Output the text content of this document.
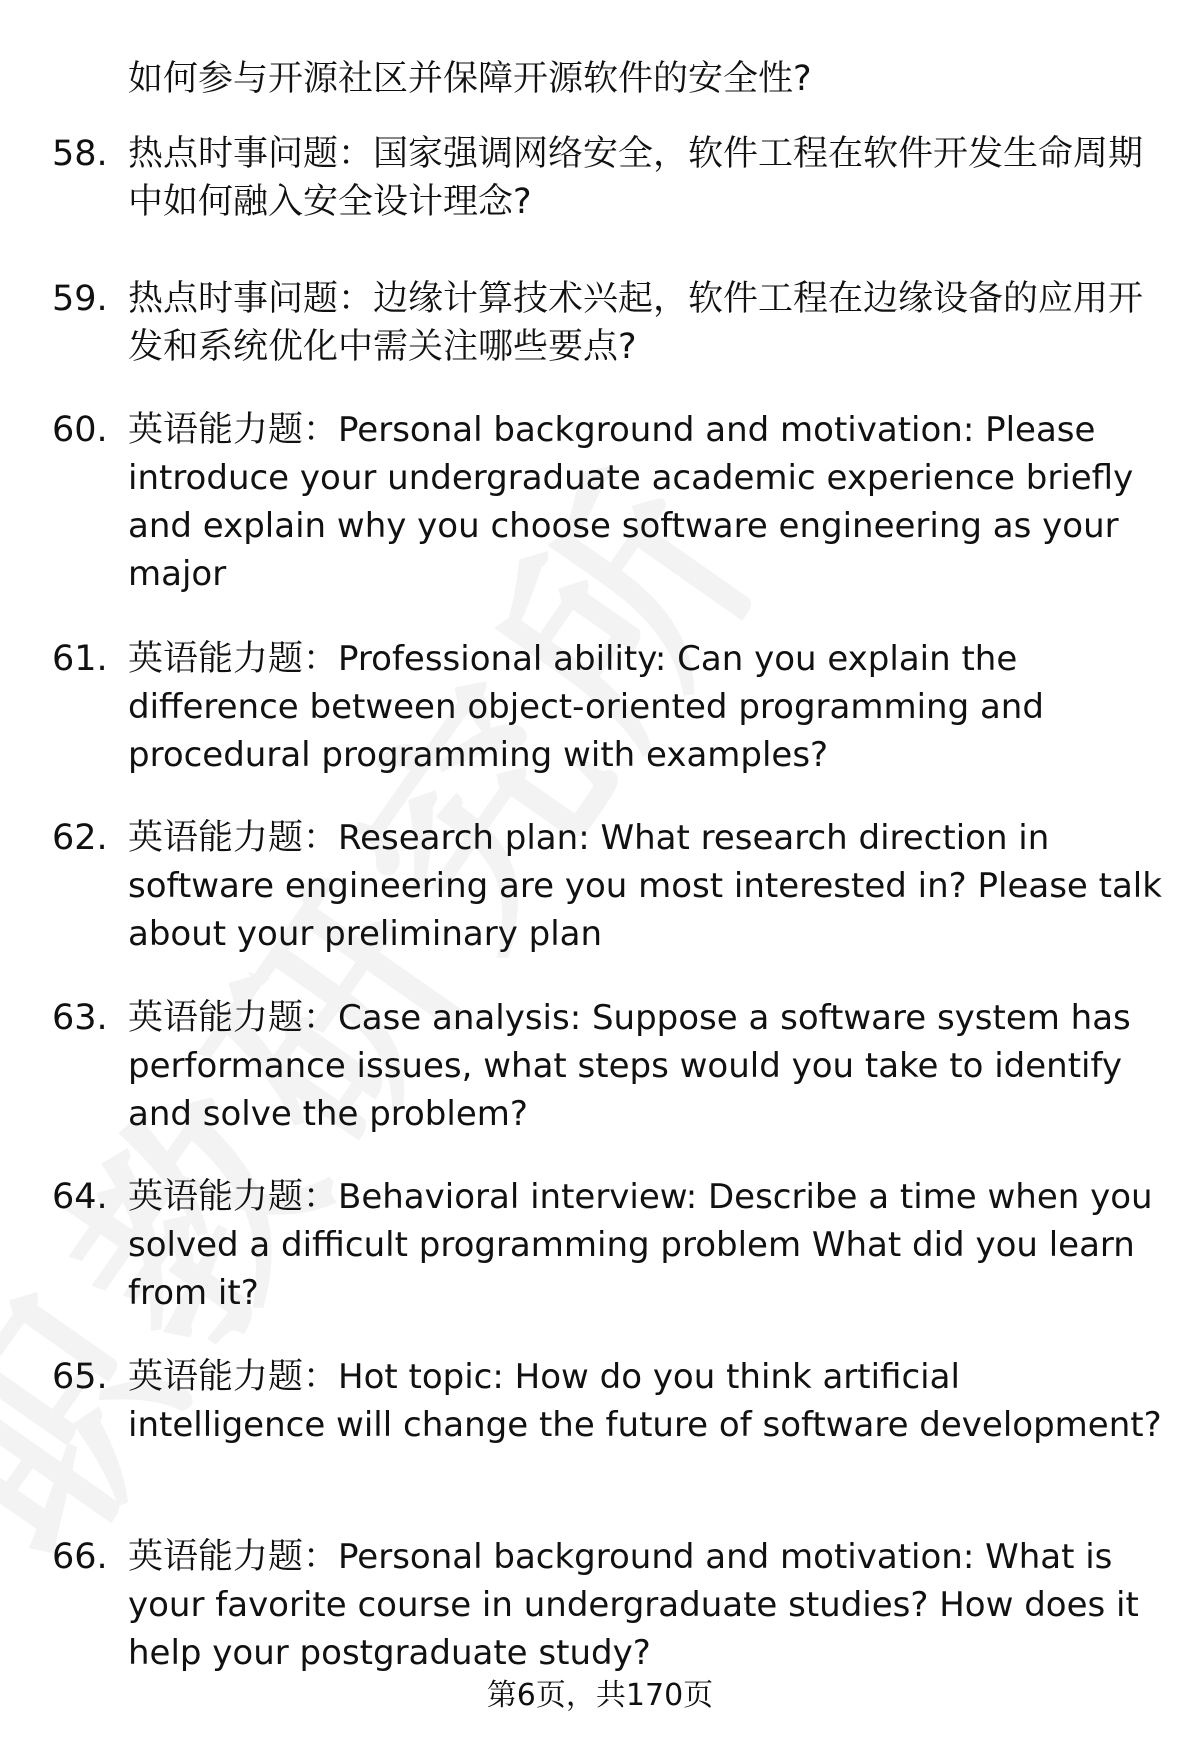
如何参与开源社区并保障开源软件的安全性?
58. 热点时事问题：国家强调网络安全，软件工程在软件开发生命周期中如何融入安全设计理念?
59. 热点时事问题：边缘计算技术兴起，软件工程在边缘设备的应用开发和系统优化中需关注哪些要点?
60. 英语能力题：Personal background and motivation: Please introduce your undergraduate academic experience briefly and explain why you choose software engineering as your major
61. 英语能力题：Professional ability: Can you explain the difference between object-oriented programming and procedural programming with examples?
62. 英语能力题：Research plan: What research direction in software engineering are you most interested in? Please talk about your preliminary plan
63. 英语能力题：Case analysis: Suppose a software system has performance issues, what steps would you take to identify and solve the problem?
64. 英语能力题：Behavioral interview: Describe a time when you solved a difficult programming problem What did you learn from it?
65. 英语能力题：Hot topic: How do you think artificial intelligence will change the future of software development?
66. 英语能力题：Personal background and motivation: What is your favorite course in undergraduate studies? How does it help your postgraduate study?
第6页，共170页
